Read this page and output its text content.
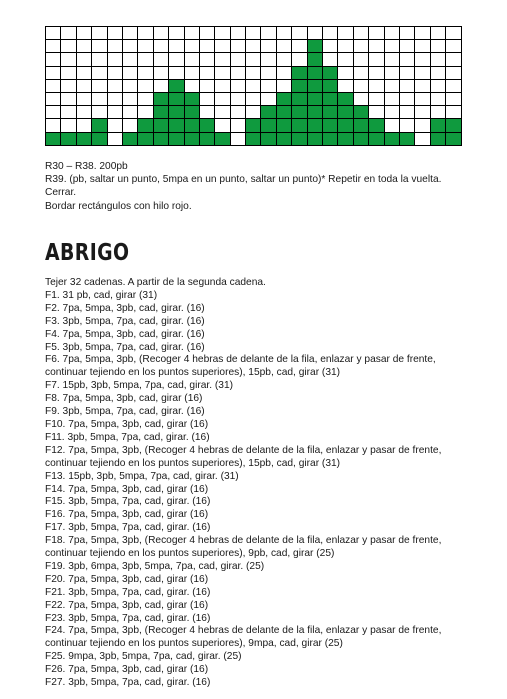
R30 – R38. 200pb
R39. (pb, saltar un punto, 5mpa en un punto, saltar un punto)* Repetir en toda la vuelta.
Cerrar.
Bordar rectángulos con hilo rojo.
ABRIGO
Tejer 32 cadenas. A partir de la segunda cadena.
F1. 31 pb, cad, girar (31)
F2. 7pa, 5mpa, 3pb, cad, girar. (16)
F3. 3pb, 5mpa, 7pa, cad, girar. (16)
F4. 7pa, 5mpa, 3pb, cad, girar. (16)
F5. 3pb, 5mpa, 7pa, cad, girar. (16)
F6. 7pa, 5mpa, 3pb, (Recoger 4 hebras de delante de la fila, enlazar y pasar de frente, continuar tejiendo en los puntos superiores), 15pb, cad, girar (31)
F7. 15pb, 3pb, 5mpa, 7pa, cad, girar. (31)
F8. 7pa, 5mpa, 3pb, cad, girar (16)
F9. 3pb, 5mpa, 7pa, cad, girar. (16)
F10. 7pa, 5mpa, 3pb, cad, girar (16)
F11. 3pb, 5mpa, 7pa, cad, girar. (16)
F12. 7pa, 5mpa, 3pb, (Recoger 4 hebras de delante de la fila, enlazar y pasar de frente, continuar tejiendo en los puntos superiores), 15pb, cad, girar (31)
F13. 15pb, 3pb, 5mpa, 7pa, cad, girar. (31)
F14. 7pa, 5mpa, 3pb, cad, girar (16)
F15. 3pb, 5mpa, 7pa, cad, girar. (16)
F16. 7pa, 5mpa, 3pb, cad, girar (16)
F17. 3pb, 5mpa, 7pa, cad, girar. (16)
F18. 7pa, 5mpa, 3pb, (Recoger 4 hebras de delante de la fila, enlazar y pasar de frente, continuar tejiendo en los puntos superiores), 9pb, cad, girar (25)
F19. 3pb, 6mpa, 3pb, 5mpa, 7pa, cad, girar. (25)
F20. 7pa, 5mpa, 3pb, cad, girar (16)
F21. 3pb, 5mpa, 7pa, cad, girar. (16)
F22. 7pa, 5mpa, 3pb, cad, girar (16)
F23. 3pb, 5mpa, 7pa, cad, girar. (16)
F24. 7pa, 5mpa, 3pb, (Recoger 4 hebras de delante de la fila, enlazar y pasar de frente, continuar tejiendo en los puntos superiores), 9mpa, cad, girar (25)
F25. 9mpa, 3pb, 5mpa, 7pa, cad, girar. (25)
F26. 7pa, 5mpa, 3pb, cad, girar (16)
F27. 3pb, 5mpa, 7pa, cad, girar. (16)
